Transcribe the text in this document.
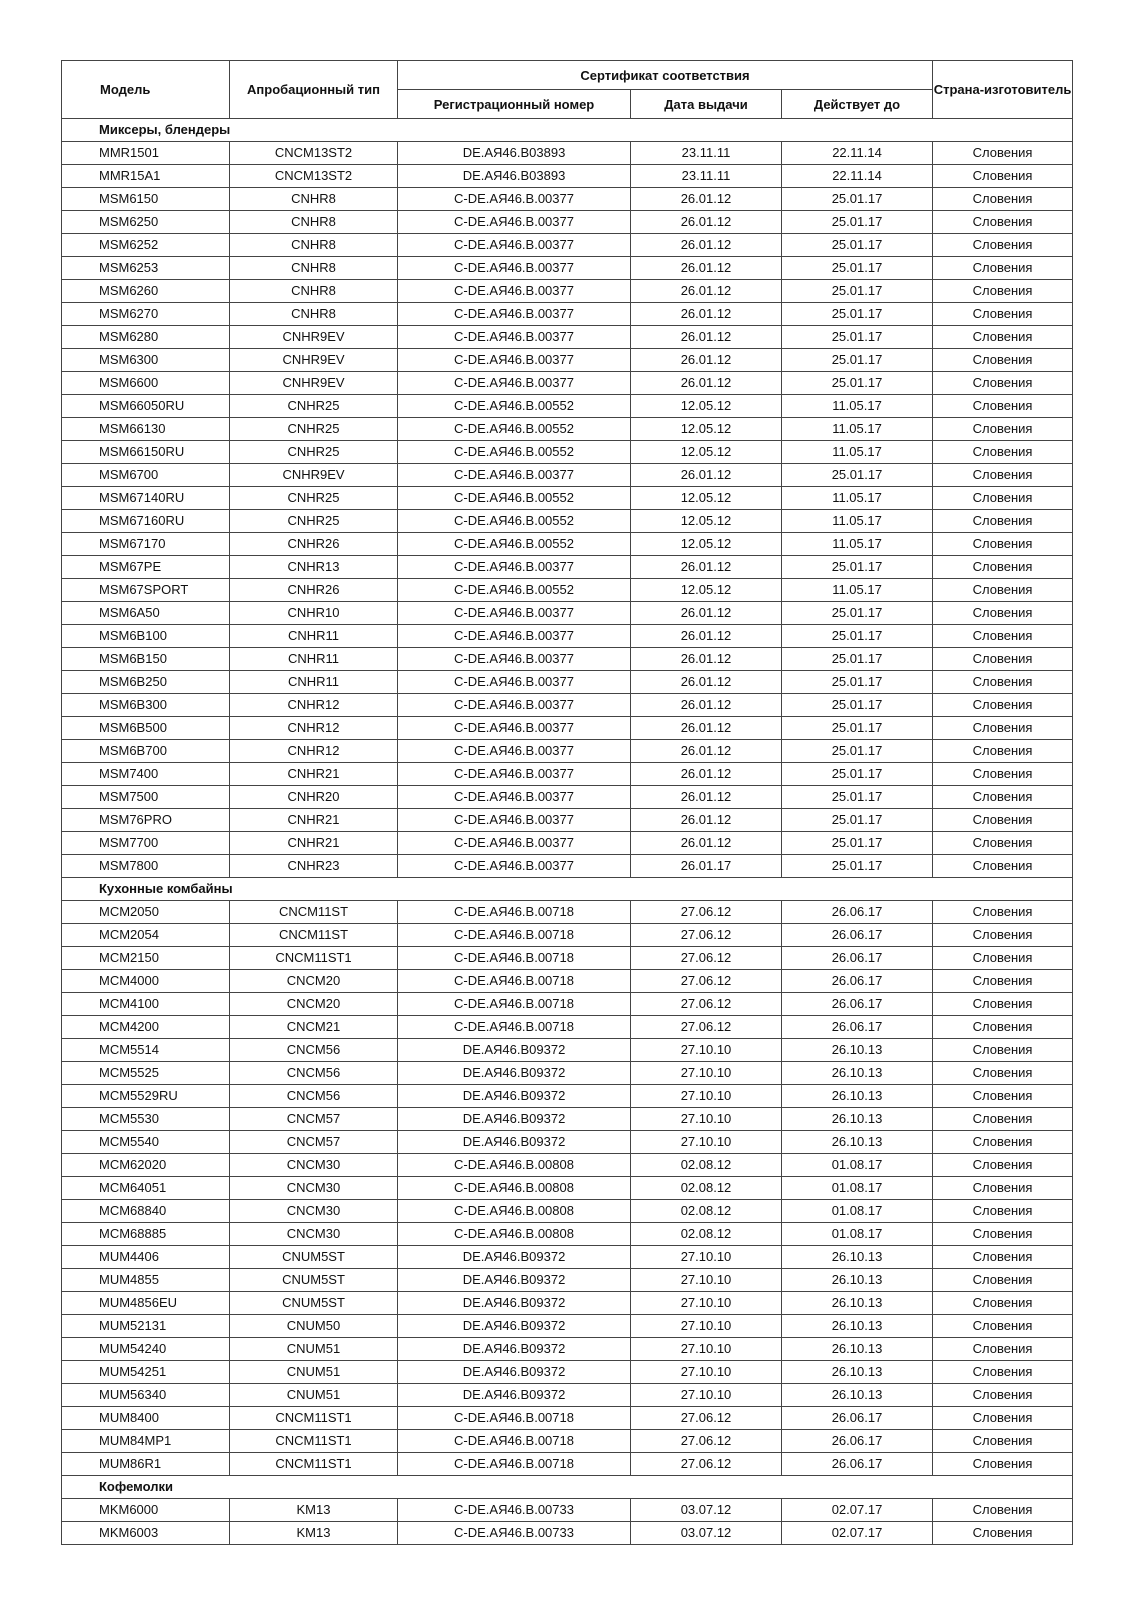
Модель	Апробационный тип	Сертификат соответствия			Страна-изготовитель
		Регистрационный номер	Дата выдачи	Действует до	
Миксеры, блендеры					
MMR1501	CNCM13ST2	DE.АЯ46.B03893	23.11.11	22.11.14	Словения
MMR15A1	CNCM13ST2	DE.АЯ46.B03893	23.11.11	22.11.14	Словения
MSM6150	CNHR8	C-DE.АЯ46.B.00377	26.01.12	25.01.17	Словения
MSM6250	CNHR8	C-DE.АЯ46.B.00377	26.01.12	25.01.17	Словения
MSM6252	CNHR8	C-DE.АЯ46.B.00377	26.01.12	25.01.17	Словения
MSM6253	CNHR8	C-DE.АЯ46.B.00377	26.01.12	25.01.17	Словения
MSM6260	CNHR8	C-DE.АЯ46.B.00377	26.01.12	25.01.17	Словения
MSM6270	CNHR8	C-DE.АЯ46.B.00377	26.01.12	25.01.17	Словения
MSM6280	CNHR9EV	C-DE.АЯ46.B.00377	26.01.12	25.01.17	Словения
MSM6300	CNHR9EV	C-DE.АЯ46.B.00377	26.01.12	25.01.17	Словения
MSM6600	CNHR9EV	C-DE.АЯ46.B.00377	26.01.12	25.01.17	Словения
MSM66050RU	CNHR25	C-DE.АЯ46.B.00552	12.05.12	11.05.17	Словения
MSM66130	CNHR25	C-DE.АЯ46.B.00552	12.05.12	11.05.17	Словения
MSM66150RU	CNHR25	C-DE.АЯ46.B.00552	12.05.12	11.05.17	Словения
MSM6700	CNHR9EV	C-DE.АЯ46.B.00377	26.01.12	25.01.17	Словения
MSM67140RU	CNHR25	C-DE.АЯ46.B.00552	12.05.12	11.05.17	Словения
MSM67160RU	CNHR25	C-DE.АЯ46.B.00552	12.05.12	11.05.17	Словения
MSM67170	CNHR26	C-DE.АЯ46.B.00552	12.05.12	11.05.17	Словения
MSM67PE	CNHR13	C-DE.АЯ46.B.00377	26.01.12	25.01.17	Словения
MSM67SPORT	CNHR26	C-DE.АЯ46.B.00552	12.05.12	11.05.17	Словения
MSM6A50	CNHR10	C-DE.АЯ46.B.00377	26.01.12	25.01.17	Словения
MSM6B100	CNHR11	C-DE.АЯ46.B.00377	26.01.12	25.01.17	Словения
MSM6B150	CNHR11	C-DE.АЯ46.B.00377	26.01.12	25.01.17	Словения
MSM6B250	CNHR11	C-DE.АЯ46.B.00377	26.01.12	25.01.17	Словения
MSM6B300	CNHR12	C-DE.АЯ46.B.00377	26.01.12	25.01.17	Словения
MSM6B500	CNHR12	C-DE.АЯ46.B.00377	26.01.12	25.01.17	Словения
MSM6B700	CNHR12	C-DE.АЯ46.B.00377	26.01.12	25.01.17	Словения
MSM7400	CNHR21	C-DE.АЯ46.B.00377	26.01.12	25.01.17	Словения
MSM7500	CNHR20	C-DE.АЯ46.B.00377	26.01.12	25.01.17	Словения
MSM76PRO	CNHR21	C-DE.АЯ46.B.00377	26.01.12	25.01.17	Словения
MSM7700	CNHR21	C-DE.АЯ46.B.00377	26.01.12	25.01.17	Словения
MSM7800	CNHR23	C-DE.АЯ46.B.00377	26.01.17	25.01.17	Словения
Кухонные комбайны					
MCM2050	CNCM11ST	C-DE.АЯ46.B.00718	27.06.12	26.06.17	Словения
MCM2054	CNCM11ST	C-DE.АЯ46.B.00718	27.06.12	26.06.17	Словения
MCM2150	CNCM11ST1	C-DE.АЯ46.B.00718	27.06.12	26.06.17	Словения
MCM4000	CNCM20	C-DE.АЯ46.B.00718	27.06.12	26.06.17	Словения
MCM4100	CNCM20	C-DE.АЯ46.B.00718	27.06.12	26.06.17	Словения
MCM4200	CNCM21	C-DE.АЯ46.B.00718	27.06.12	26.06.17	Словения
MCM5514	CNCM56	DE.АЯ46.B09372	27.10.10	26.10.13	Словения
MCM5525	CNCM56	DE.АЯ46.B09372	27.10.10	26.10.13	Словения
MCM5529RU	CNCM56	DE.АЯ46.B09372	27.10.10	26.10.13	Словения
MCM5530	CNCM57	DE.АЯ46.B09372	27.10.10	26.10.13	Словения
MCM5540	CNCM57	DE.АЯ46.B09372	27.10.10	26.10.13	Словения
MCM62020	CNCM30	C-DE.АЯ46.B.00808	02.08.12	01.08.17	Словения
MCM64051	CNCM30	C-DE.АЯ46.B.00808	02.08.12	01.08.17	Словения
MCM68840	CNCM30	C-DE.АЯ46.B.00808	02.08.12	01.08.17	Словения
MCM68885	CNCM30	C-DE.АЯ46.B.00808	02.08.12	01.08.17	Словения
MUM4406	CNUM5ST	DE.АЯ46.B09372	27.10.10	26.10.13	Словения
MUM4855	CNUM5ST	DE.АЯ46.B09372	27.10.10	26.10.13	Словения
MUM4856EU	CNUM5ST	DE.АЯ46.B09372	27.10.10	26.10.13	Словения
MUM52131	CNUM50	DE.АЯ46.B09372	27.10.10	26.10.13	Словения
MUM54240	CNUM51	DE.АЯ46.B09372	27.10.10	26.10.13	Словения
MUM54251	CNUM51	DE.АЯ46.B09372	27.10.10	26.10.13	Словения
MUM56340	CNUM51	DE.АЯ46.B09372	27.10.10	26.10.13	Словения
MUM8400	CNCM11ST1	C-DE.АЯ46.B.00718	27.06.12	26.06.17	Словения
MUM84MP1	CNCM11ST1	C-DE.АЯ46.B.00718	27.06.12	26.06.17	Словения
MUM86R1	CNCM11ST1	C-DE.АЯ46.B.00718	27.06.12	26.06.17	Словения
Кофемолки					
MKM6000	KM13	C-DE.АЯ46.B.00733	03.07.12	02.07.17	Словения
MKM6003	KM13	C-DE.АЯ46.B.00733	03.07.12	02.07.17	Словения
